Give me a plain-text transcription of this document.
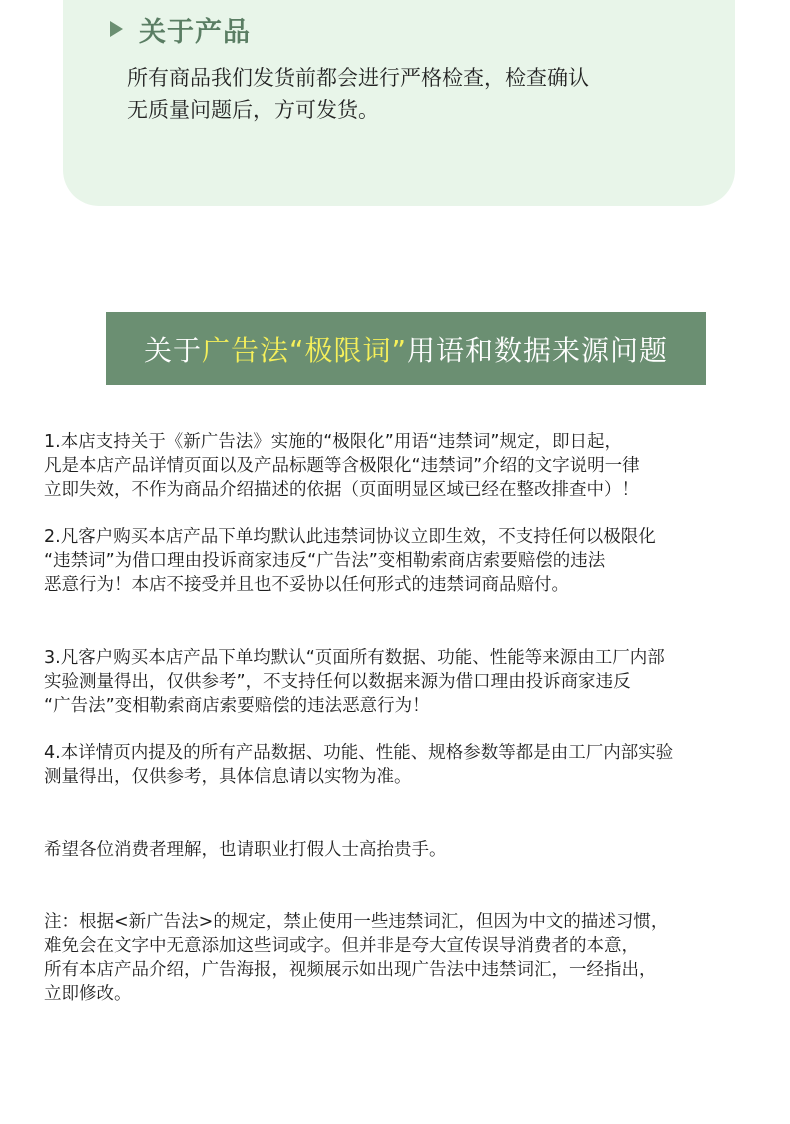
关于产品
所有商品我们发货前都会进行严格检查，检查确认
无质量问题后，方可发货。
关于 广告法“极限词” 用语和数据来源问题
1.本店支持关于《新广告法》实施的“极限化”用语“违禁词”规定，即日起，
凡是本店产品详情页面以及产品标题等含极限化“违禁词”介绍的文字说明一律
立即失效，不作为商品介绍描述的依据（页面明显区域已经在整改排查中）！
2.凡客户购买本店产品下单均默认此违禁词协议立即生效，不支持任何以极限化
“违禁词”为借口理由投诉商家违反“广告法”变相勒索商店索要赔偿的违法
恶意行为！本店不接受并且也不妥协以任何形式的违禁词商品赔付。
3.凡客户购买本店产品下单均默认“页面所有数据、功能、性能等来源由工厂内部
实验测量得出，仅供参考”，不支持任何以数据来源为借口理由投诉商家违反
“广告法”变相勒索商店索要赔偿的违法恶意行为！
4.本详情页内提及的所有产品数据、功能、性能、规格参数等都是由工厂内部实验
测量得出，仅供参考，具体信息请以实物为准。
希望各位消费者理解，也请职业打假人士高抬贵手。
注：根据<新广告法>的规定，禁止使用一些违禁词汇，但因为中文的描述习惯，
难免会在文字中无意添加这些词或字。但并非是夸大宣传误导消费者的本意，
所有本店产品介绍，广告海报，视频展示如出现广告法中违禁词汇，一经指出，
立即修改。
